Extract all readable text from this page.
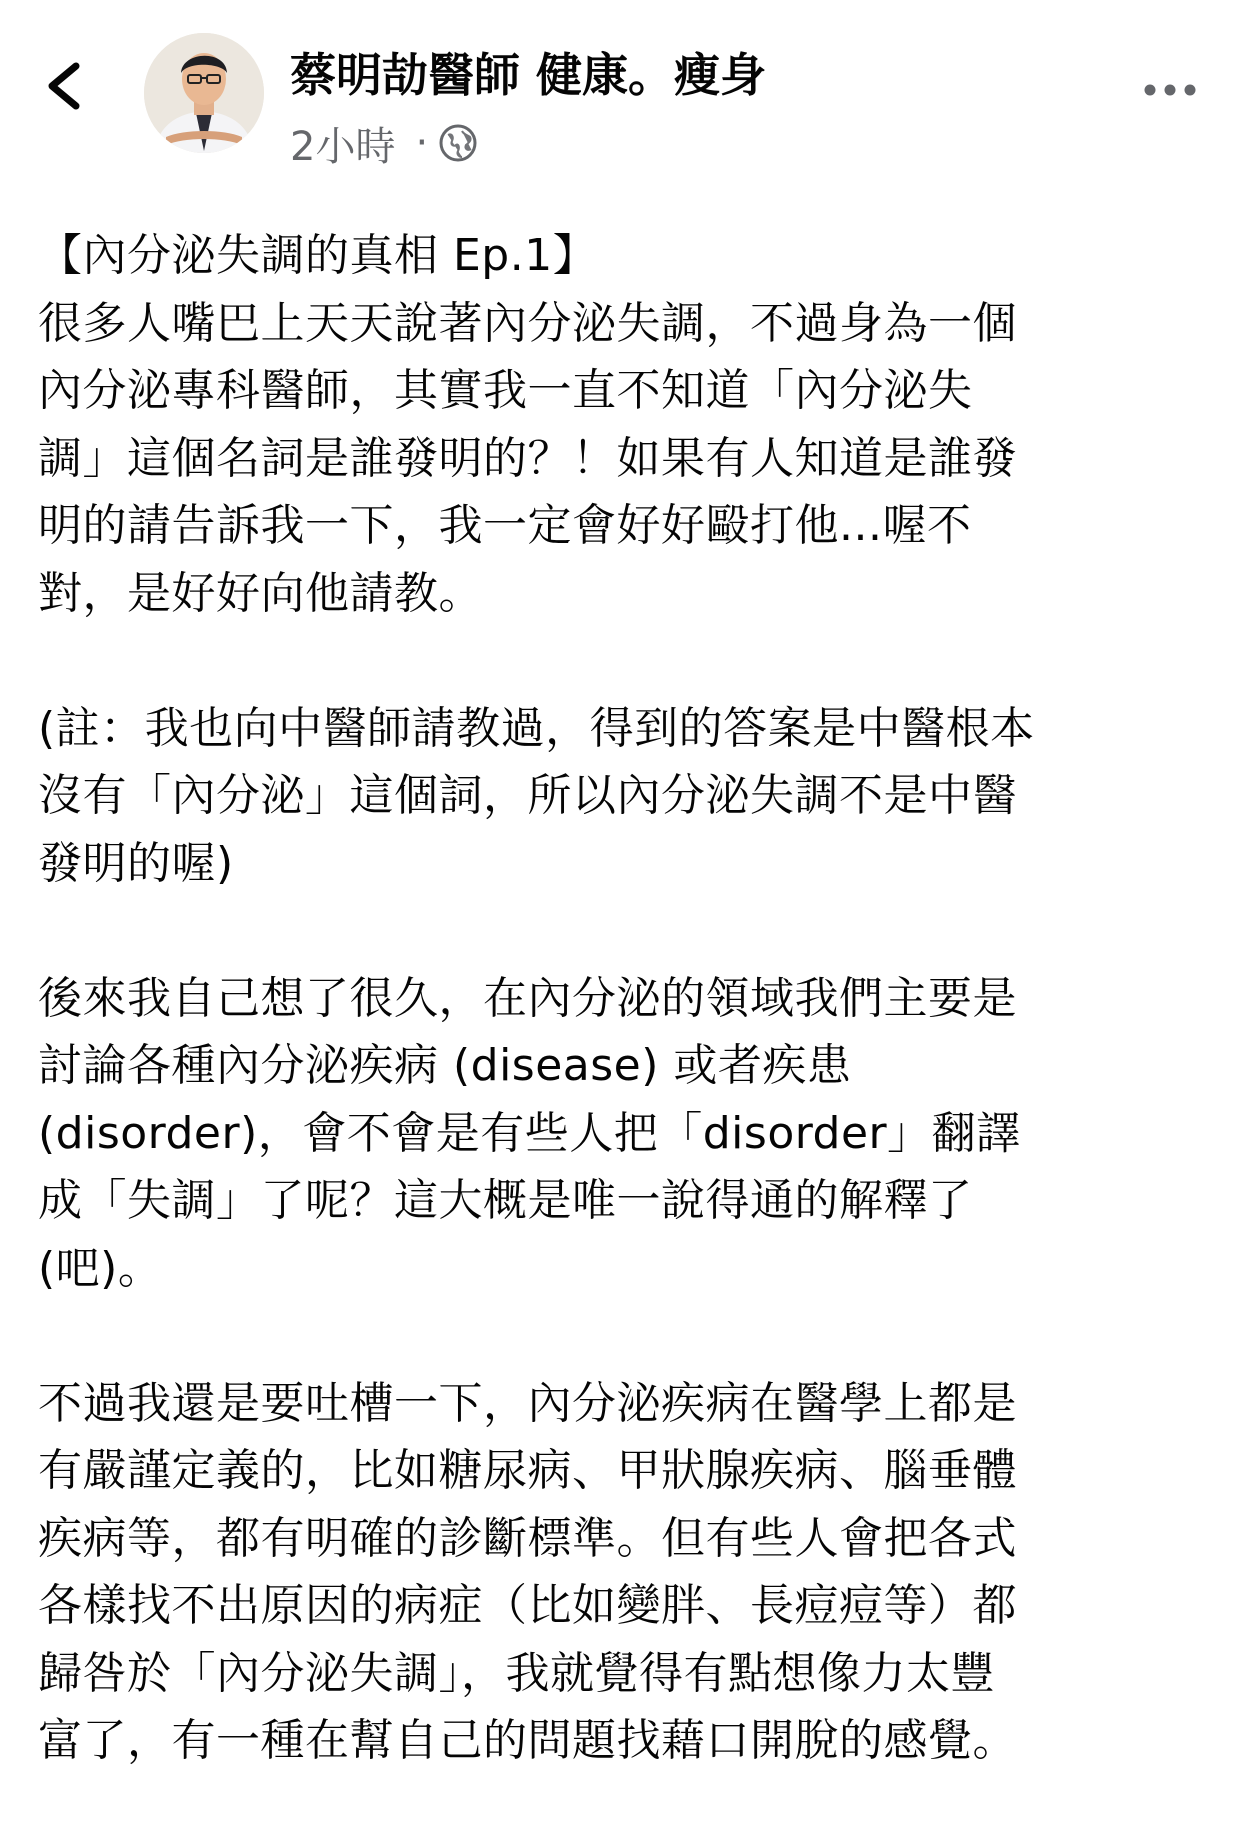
蔡明劼醫師 健康。瘦身
2小時 ·
【內分泌失調的真相 Ep.1】
很多人嘴巴上天天說著內分泌失調，不過身為一個
內分泌專科醫師，其實我一直不知道「內分泌失
調」這個名詞是誰發明的？！如果有人知道是誰發
明的請告訴我一下，我一定會好好毆打他...喔不
對，是好好向他請教。
(註：我也向中醫師請教過，得到的答案是中醫根本
沒有「內分泌」這個詞，所以內分泌失調不是中醫
發明的喔)
後來我自己想了很久，在內分泌的領域我們主要是
討論各種內分泌疾病 (disease) 或者疾患
(disorder)，會不會是有些人把「disorder」翻譯
成「失調」了呢？這大概是唯一說得通的解釋了
(吧)。
不過我還是要吐槽一下，內分泌疾病在醫學上都是
有嚴謹定義的，比如糖尿病、甲狀腺疾病、腦垂體
疾病等，都有明確的診斷標準。但有些人會把各式
各樣找不出原因的病症（比如變胖、長痘痘等）都
歸咎於「內分泌失調」，我就覺得有點想像力太豐
富了，有一種在幫自己的問題找藉口開脫的感覺。
